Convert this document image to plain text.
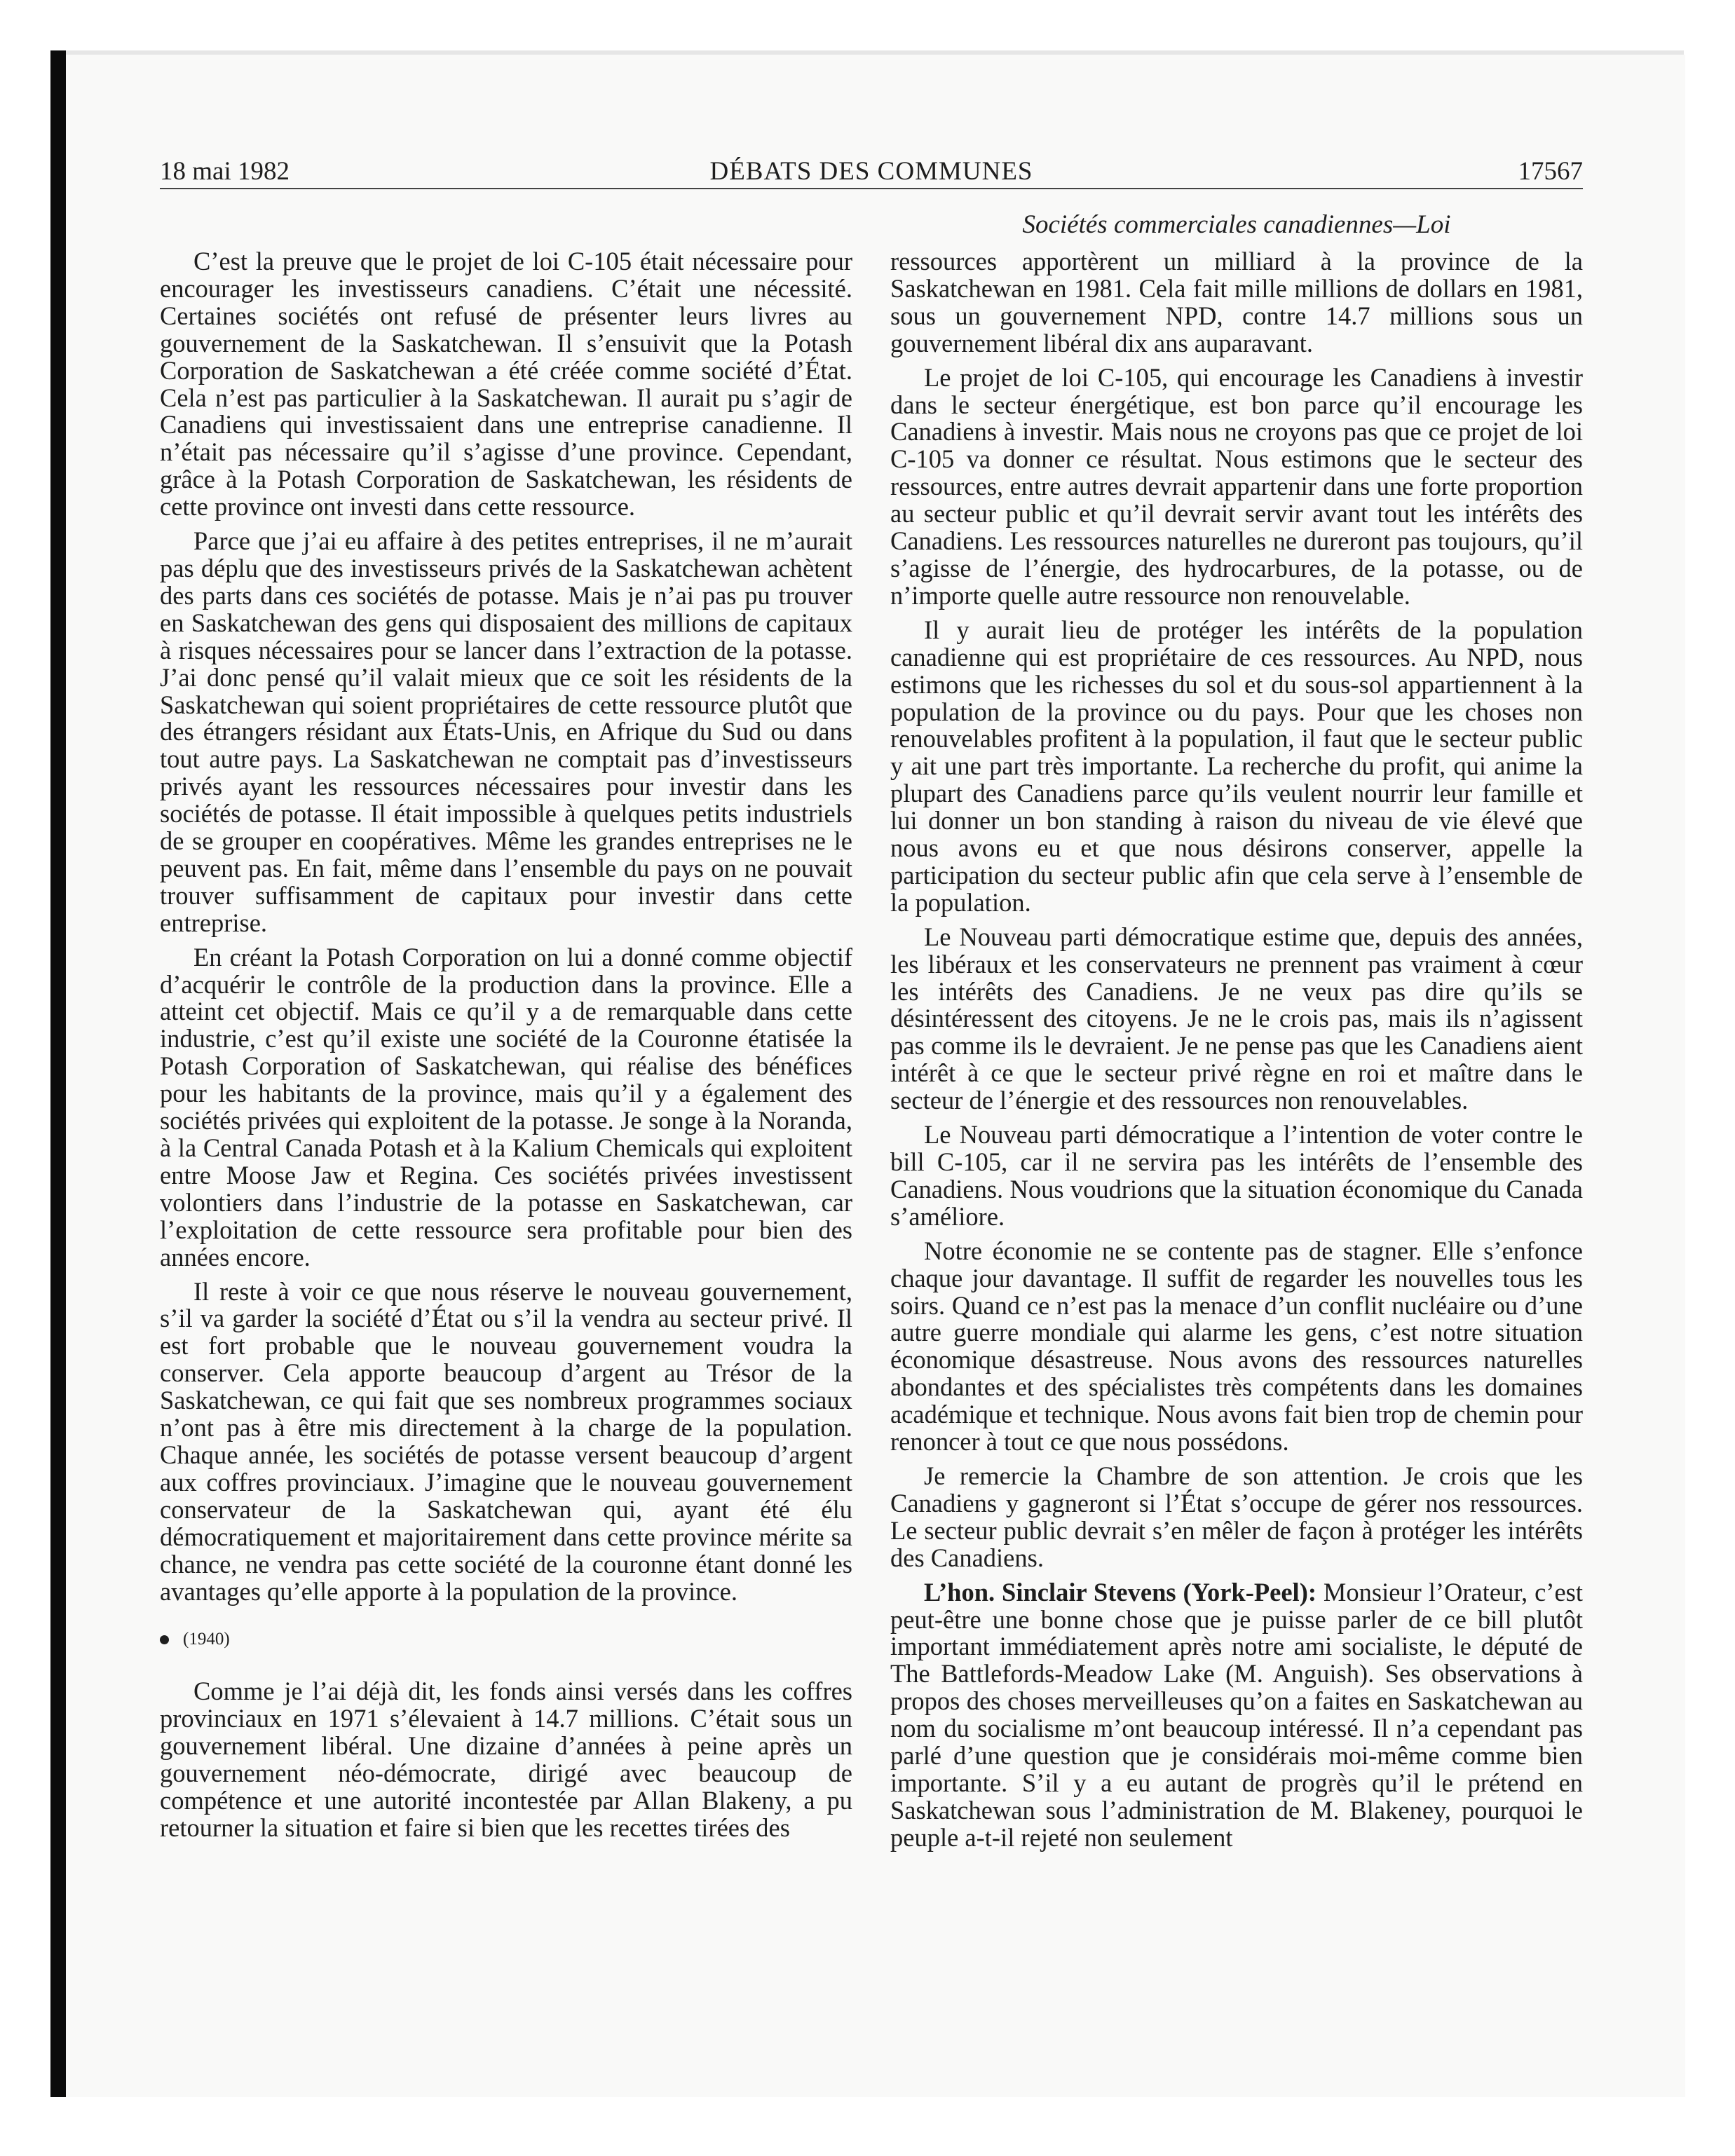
18 mai 1982	DÉBATS DES COMMUNES	17567
Sociétés commerciales canadiennes—Loi

C’est la preuve que le projet de loi C-105 était nécessaire pour encourager les investisseurs canadiens. C’était une nécessité. Certaines sociétés ont refusé de présenter leurs livres au gouvernement de la Saskatchewan. Il s’ensuivit que la Potash Corporation de Saskatchewan a été créée comme société d’État. Cela n’est pas particulier à la Saskatchewan. Il aurait pu s’agir de Canadiens qui investissaient dans une entreprise canadienne. Il n’était pas nécessaire qu’il s’agisse d’une province. Cependant, grâce à la Potash Corporation de Saskatchewan, les résidents de cette province ont investi dans cette ressource.

Parce que j’ai eu affaire à des petites entreprises, il ne m’aurait pas déplu que des investisseurs privés de la Saskatchewan achètent des parts dans ces sociétés de potasse. Mais je n’ai pas pu trouver en Saskatchewan des gens qui disposaient des millions de capitaux à risques nécessaires pour se lancer dans l’extraction de la potasse. J’ai donc pensé qu’il valait mieux que ce soit les résidents de la Saskatchewan qui soient propriétaires de cette ressource plutôt que des étrangers résidant aux États-Unis, en Afrique du Sud ou dans tout autre pays. La Saskatchewan ne comptait pas d’investisseurs privés ayant les ressources nécessaires pour investir dans les sociétés de potasse. Il était impossible à quelques petits industriels de se grouper en coopératives. Même les grandes entreprises ne le peuvent pas. En fait, même dans l’ensemble du pays on ne pouvait trouver suffisamment de capitaux pour investir dans cette entreprise.

En créant la Potash Corporation on lui a donné comme objectif d’acquérir le contrôle de la production dans la province. Elle a atteint cet objectif. Mais ce qu’il y a de remarquable dans cette industrie, c’est qu’il existe une société de la Couronne étatisée la Potash Corporation of Saskatchewan, qui réalise des bénéfices pour les habitants de la province, mais qu’il y a également des sociétés privées qui exploitent de la potasse. Je songe à la Noranda, à la Central Canada Potash et à la Kalium Chemicals qui exploitent entre Moose Jaw et Regina. Ces sociétés privées investissent volontiers dans l’industrie de la potasse en Saskatchewan, car l’exploitation de cette ressource sera profitable pour bien des années encore.

Il reste à voir ce que nous réserve le nouveau gouvernement, s’il va garder la société d’État ou s’il la vendra au secteur privé. Il est fort probable que le nouveau gouvernement voudra la conserver. Cela apporte beaucoup d’argent au Trésor de la Saskatchewan, ce qui fait que ses nombreux programmes sociaux n’ont pas à être mis directement à la charge de la population. Chaque année, les sociétés de potasse versent beaucoup d’argent aux coffres provinciaux. J’imagine que le nouveau gouvernement conservateur de la Saskatchewan qui, ayant été élu démocratiquement et majoritairement dans cette province mérite sa chance, ne vendra pas cette société de la couronne étant donné les avantages qu’elle apporte à la population de la province.

(1940)

Comme je l’ai déjà dit, les fonds ainsi versés dans les coffres provinciaux en 1971 s’élevaient à 14.7 millions. C’était sous un gouvernement libéral. Une dizaine d’années à peine après un gouvernement néo-démocrate, dirigé avec beaucoup de compétence et une autorité incontestée par Allan Blakeny, a pu retourner la situation et faire si bien que les recettes tirées des

ressources apportèrent un milliard à la province de la Saskatchewan en 1981. Cela fait mille millions de dollars en 1981, sous un gouvernement NPD, contre 14.7 millions sous un gouvernement libéral dix ans auparavant.

Le projet de loi C-105, qui encourage les Canadiens à investir dans le secteur énergétique, est bon parce qu’il encourage les Canadiens à investir. Mais nous ne croyons pas que ce projet de loi C-105 va donner ce résultat. Nous estimons que le secteur des ressources, entre autres devrait appartenir dans une forte proportion au secteur public et qu’il devrait servir avant tout les intérêts des Canadiens. Les ressources naturelles ne dureront pas toujours, qu’il s’agisse de l’énergie, des hydrocarbures, de la potasse, ou de n’importe quelle autre ressource non renouvelable.

Il y aurait lieu de protéger les intérêts de la population canadienne qui est propriétaire de ces ressources. Au NPD, nous estimons que les richesses du sol et du sous-sol appartiennent à la population de la province ou du pays. Pour que les choses non renouvelables profitent à la population, il faut que le secteur public y ait une part très importante. La recherche du profit, qui anime la plupart des Canadiens parce qu’ils veulent nourrir leur famille et lui donner un bon standing à raison du niveau de vie élevé que nous avons eu et que nous désirons conserver, appelle la participation du secteur public afin que cela serve à l’ensemble de la population.

Le Nouveau parti démocratique estime que, depuis des années, les libéraux et les conservateurs ne prennent pas vraiment à cœur les intérêts des Canadiens. Je ne veux pas dire qu’ils se désintéressent des citoyens. Je ne le crois pas, mais ils n’agissent pas comme ils le devraient. Je ne pense pas que les Canadiens aient intérêt à ce que le secteur privé règne en roi et maître dans le secteur de l’énergie et des ressources non renouvelables.

Le Nouveau parti démocratique a l’intention de voter contre le bill C-105, car il ne servira pas les intérêts de l’ensemble des Canadiens. Nous voudrions que la situation économique du Canada s’améliore.

Notre économie ne se contente pas de stagner. Elle s’enfonce chaque jour davantage. Il suffit de regarder les nouvelles tous les soirs. Quand ce n’est pas la menace d’un conflit nucléaire ou d’une autre guerre mondiale qui alarme les gens, c’est notre situation économique désastreuse. Nous avons des ressources naturelles abondantes et des spécialistes très compétents dans les domaines académique et technique. Nous avons fait bien trop de chemin pour renoncer à tout ce que nous possédons.

Je remercie la Chambre de son attention. Je crois que les Canadiens y gagneront si l’État s’occupe de gérer nos ressources. Le secteur public devrait s’en mêler de façon à protéger les intérêts des Canadiens.

L’hon. Sinclair Stevens (York-Peel): Monsieur l’Orateur, c’est peut-être une bonne chose que je puisse parler de ce bill plutôt important immédiatement après notre ami socialiste, le député de The Battlefords-Meadow Lake (M. Anguish). Ses observations à propos des choses merveilleuses qu’on a faites en Saskatchewan au nom du socialisme m’ont beaucoup intéressé. Il n’a cependant pas parlé d’une question que je considérais moi-même comme bien importante. S’il y a eu autant de progrès qu’il le prétend en Saskatchewan sous l’administration de M. Blakeney, pourquoi le peuple a-t-il rejeté non seulement
